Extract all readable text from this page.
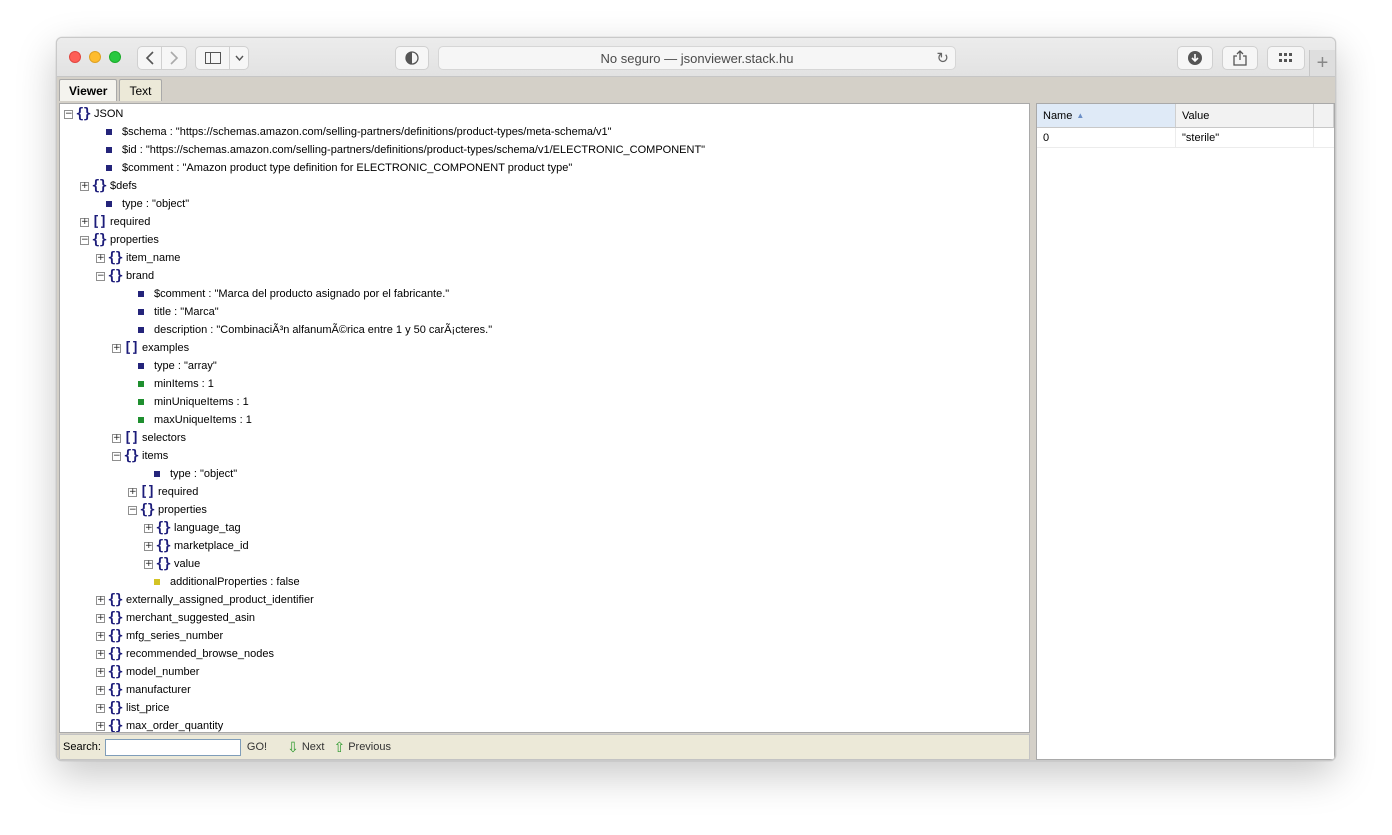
No seguro — jsonviewer.stack.hu	↻	+
Viewer	Text
− {} JSON
$schema : "https://schemas.amazon.com/selling-partners/definitions/product-types/meta-schema/v1"
$id : "https://schemas.amazon.com/selling-partners/definitions/product-types/schema/v1/ELECTRONIC_COMPONENT"
$comment : "Amazon product type definition for ELECTRONIC_COMPONENT product type"
+ {} $defs
type : "object"
+ [] required
− {} properties
+ {} item_name
− {} brand
$comment : "Marca del producto asignado por el fabricante."
title : "Marca"
description : "CombinaciÃ³n alfanumÃ©rica entre 1 y 50 carÃ¡cteres."
+ [] examples
type : "array"
minItems : 1
minUniqueItems : 1
maxUniqueItems : 1
+ [] selectors
− {} items
type : "object"
+ [] required
− {} properties
+ {} language_tag
+ {} marketplace_id
+ {} value
additionalProperties : false
+ {} externally_assigned_product_identifier
+ {} merchant_suggested_asin
+ {} mfg_series_number
+ {} recommended_browse_nodes
+ {} model_number
+ {} manufacturer
+ {} list_price
+ {} max_order_quantity
Search:	GO! ⇩ Next ⇧ Previous
Name ▲	Value
0	"sterile"
